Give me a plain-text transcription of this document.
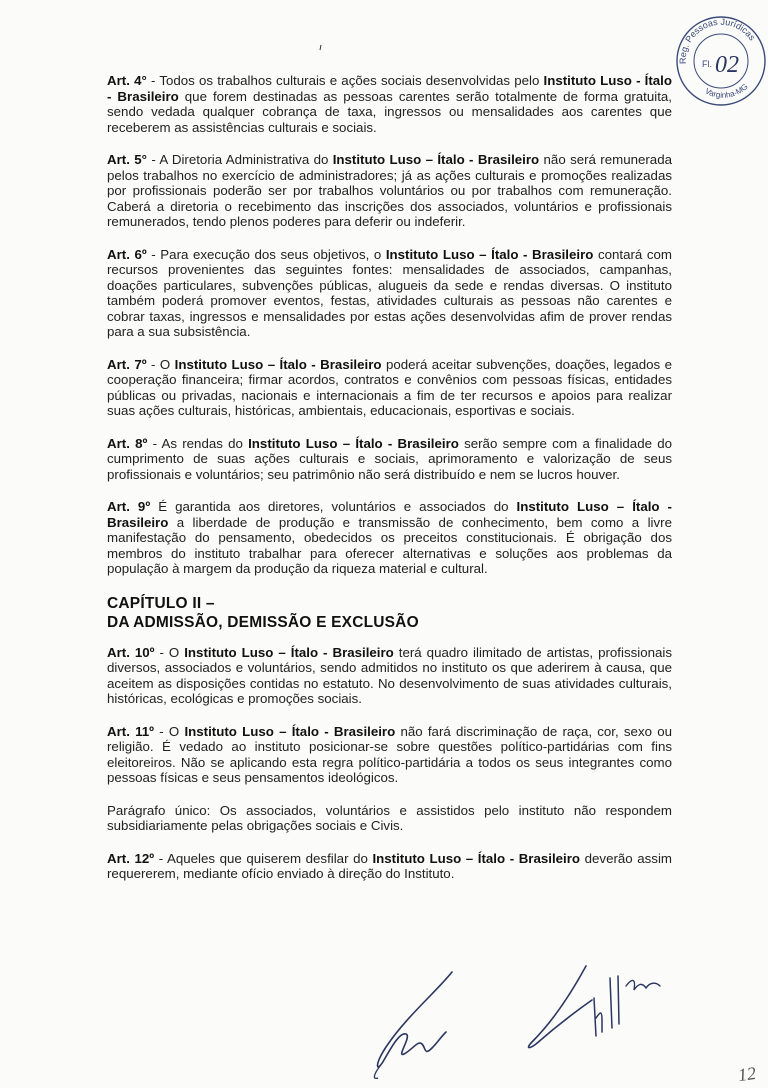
Reg. Pessoas Jurídicas
Varginha-MG
Fl. 02

Art. 4° - Todos os trabalhos culturais e ações sociais desenvolvidas pelo Instituto Luso - Ítalo - Brasileiro que forem destinadas as pessoas carentes serão totalmente de forma gratuita, sendo vedada qualquer cobrança de taxa, ingressos ou mensalidades aos carentes que receberem as assistências culturais e sociais.

Art. 5° - A Diretoria Administrativa do Instituto Luso – Ítalo - Brasileiro não será remunerada pelos trabalhos no exercício de administradores; já as ações culturais e promoções realizadas por profissionais poderão ser por trabalhos voluntários ou por trabalhos com remuneração. Caberá a diretoria o recebimento das inscrições dos associados, voluntários e profissionais remunerados, tendo plenos poderes para deferir ou indeferir.

Art. 6º - Para execução dos seus objetivos, o Instituto Luso – Ítalo - Brasileiro contará com recursos provenientes das seguintes fontes: mensalidades de associados, campanhas, doações particulares, subvenções públicas, alugueis da sede e rendas diversas. O instituto também poderá promover eventos, festas, atividades culturais as pessoas não carentes e cobrar taxas, ingressos e mensalidades por estas ações desenvolvidas afim de prover rendas para a sua subsistência.

Art. 7º - O Instituto Luso – Ítalo - Brasileiro poderá aceitar subvenções, doações, legados e cooperação financeira; firmar acordos, contratos e convênios com pessoas físicas, entidades públicas ou privadas, nacionais e internacionais a fim de ter recursos e apoios para realizar suas ações culturais, históricas, ambientais, educacionais, esportivas e sociais.

Art. 8º - As rendas do Instituto Luso – Ítalo - Brasileiro serão sempre com a finalidade do cumprimento de suas ações culturais e sociais, aprimoramento e valorização de seus profissionais e voluntários; seu patrimônio não será distribuído e nem se lucros houver.

Art. 9º É garantida aos diretores, voluntários e associados do Instituto Luso – Ítalo - Brasileiro a liberdade de produção e transmissão de conhecimento, bem como a livre manifestação do pensamento, obedecidos os preceitos constitucionais. É obrigação dos membros do instituto trabalhar para oferecer alternativas e soluções aos problemas da população à margem da produção da riqueza material e cultural.

CAPÍTULO II –
DA ADMISSÃO, DEMISSÃO E EXCLUSÃO

Art. 10º - O Instituto Luso – Ítalo - Brasileiro terá quadro ilimitado de artistas, profissionais diversos, associados e voluntários, sendo admitidos no instituto os que aderirem à causa, que aceitem as disposições contidas no estatuto. No desenvolvimento de suas atividades culturais, históricas, ecológicas e promoções sociais.

Art. 11º - O Instituto Luso – Ítalo - Brasileiro não fará discriminação de raça, cor, sexo ou religião. É vedado ao instituto posicionar-se sobre questões político-partidárias com fins eleitoreiros. Não se aplicando esta regra político-partidária a todos os seus integrantes como pessoas físicas e seus pensamentos ideológicos.

Parágrafo único: Os associados, voluntários e assistidos pelo instituto não respondem subsidiariamente pelas obrigações sociais e Civis.

Art. 12º - Aqueles que quiserem desfilar do Instituto Luso – Ítalo - Brasileiro deverão assim requererem, mediante ofício enviado à direção do Instituto.

12
